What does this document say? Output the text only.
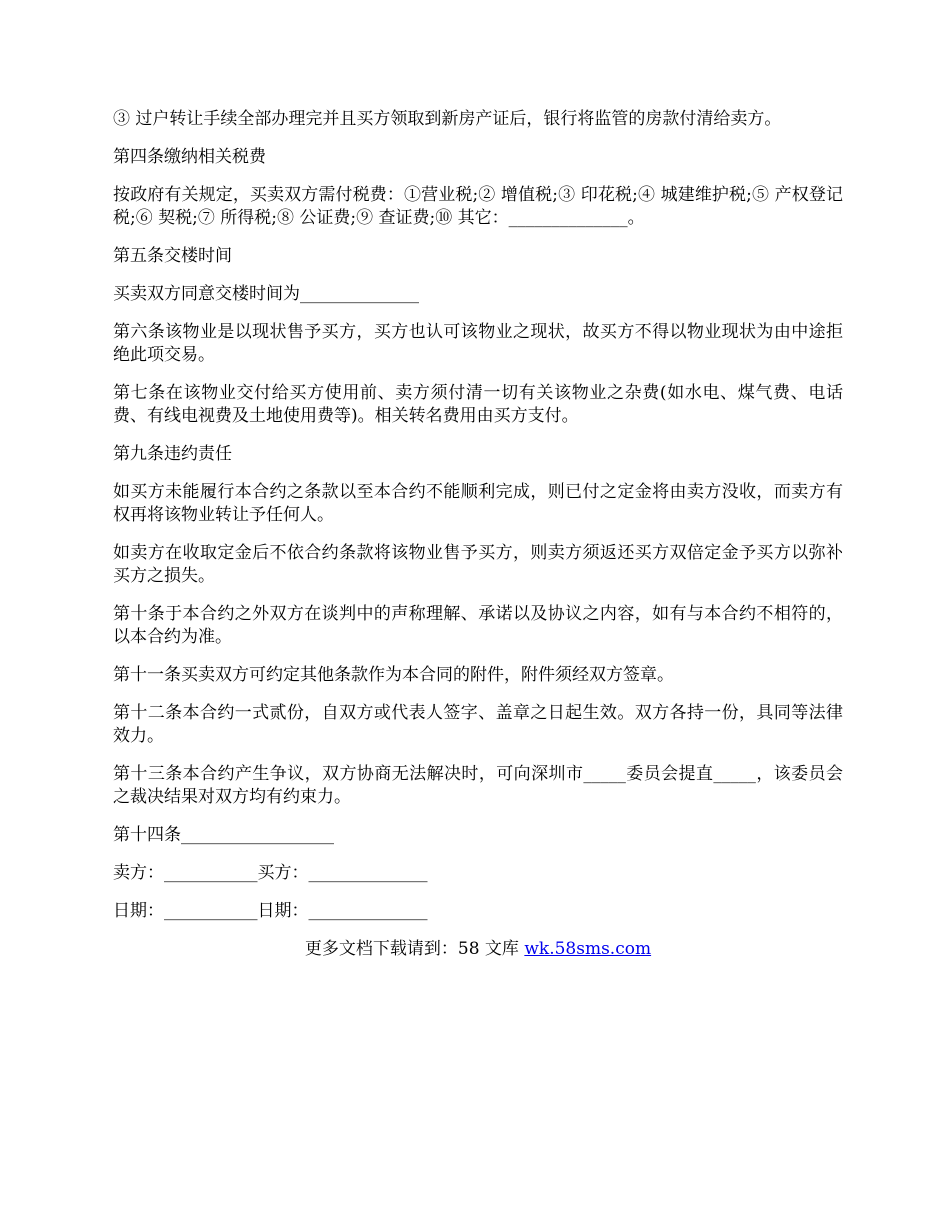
③ 过户转让手续全部办理完并且买方领取到新房产证后，银行将监管的房款付清给卖方。

第四条缴纳相关税费

按政府有关规定，买卖双方需付税费：①营业税;② 增值税;③ 印花税;④ 城建维护税;⑤ 产权登记税;⑥ 契税;⑦ 所得税;⑧ 公证费;⑨ 查证费;⑩ 其它：______________。

第五条交楼时间

买卖双方同意交楼时间为______________

第六条该物业是以现状售予买方，买方也认可该物业之现状，故买方不得以物业现状为由中途拒绝此项交易。

第七条在该物业交付给买方使用前、卖方须付清一切有关该物业之杂费(如水电、煤气费、电话费、有线电视费及土地使用费等)。相关转名费用由买方支付。

第九条违约责任

如买方未能履行本合约之条款以至本合约不能顺利完成，则已付之定金将由卖方没收，而卖方有权再将该物业转让予任何人。

如卖方在收取定金后不依合约条款将该物业售予买方，则卖方须返还买方双倍定金予买方以弥补买方之损失。

第十条于本合约之外双方在谈判中的声称理解、承诺以及协议之内容，如有与本合约不相符的，以本合约为准。

第十一条买卖双方可约定其他条款作为本合同的附件，附件须经双方签章。

第十二条本合约一式贰份，自双方或代表人签字、盖章之日起生效。双方各持一份，具同等法律效力。

第十三条本合约产生争议，双方协商无法解决时，可向深圳市_____委员会提直_____，该委员会之裁决结果对双方均有约束力。

第十四条__________________

卖方：___________买方：______________

日期：___________日期：______________

更多文档下载请到：58 文库 wk.58sms.com
